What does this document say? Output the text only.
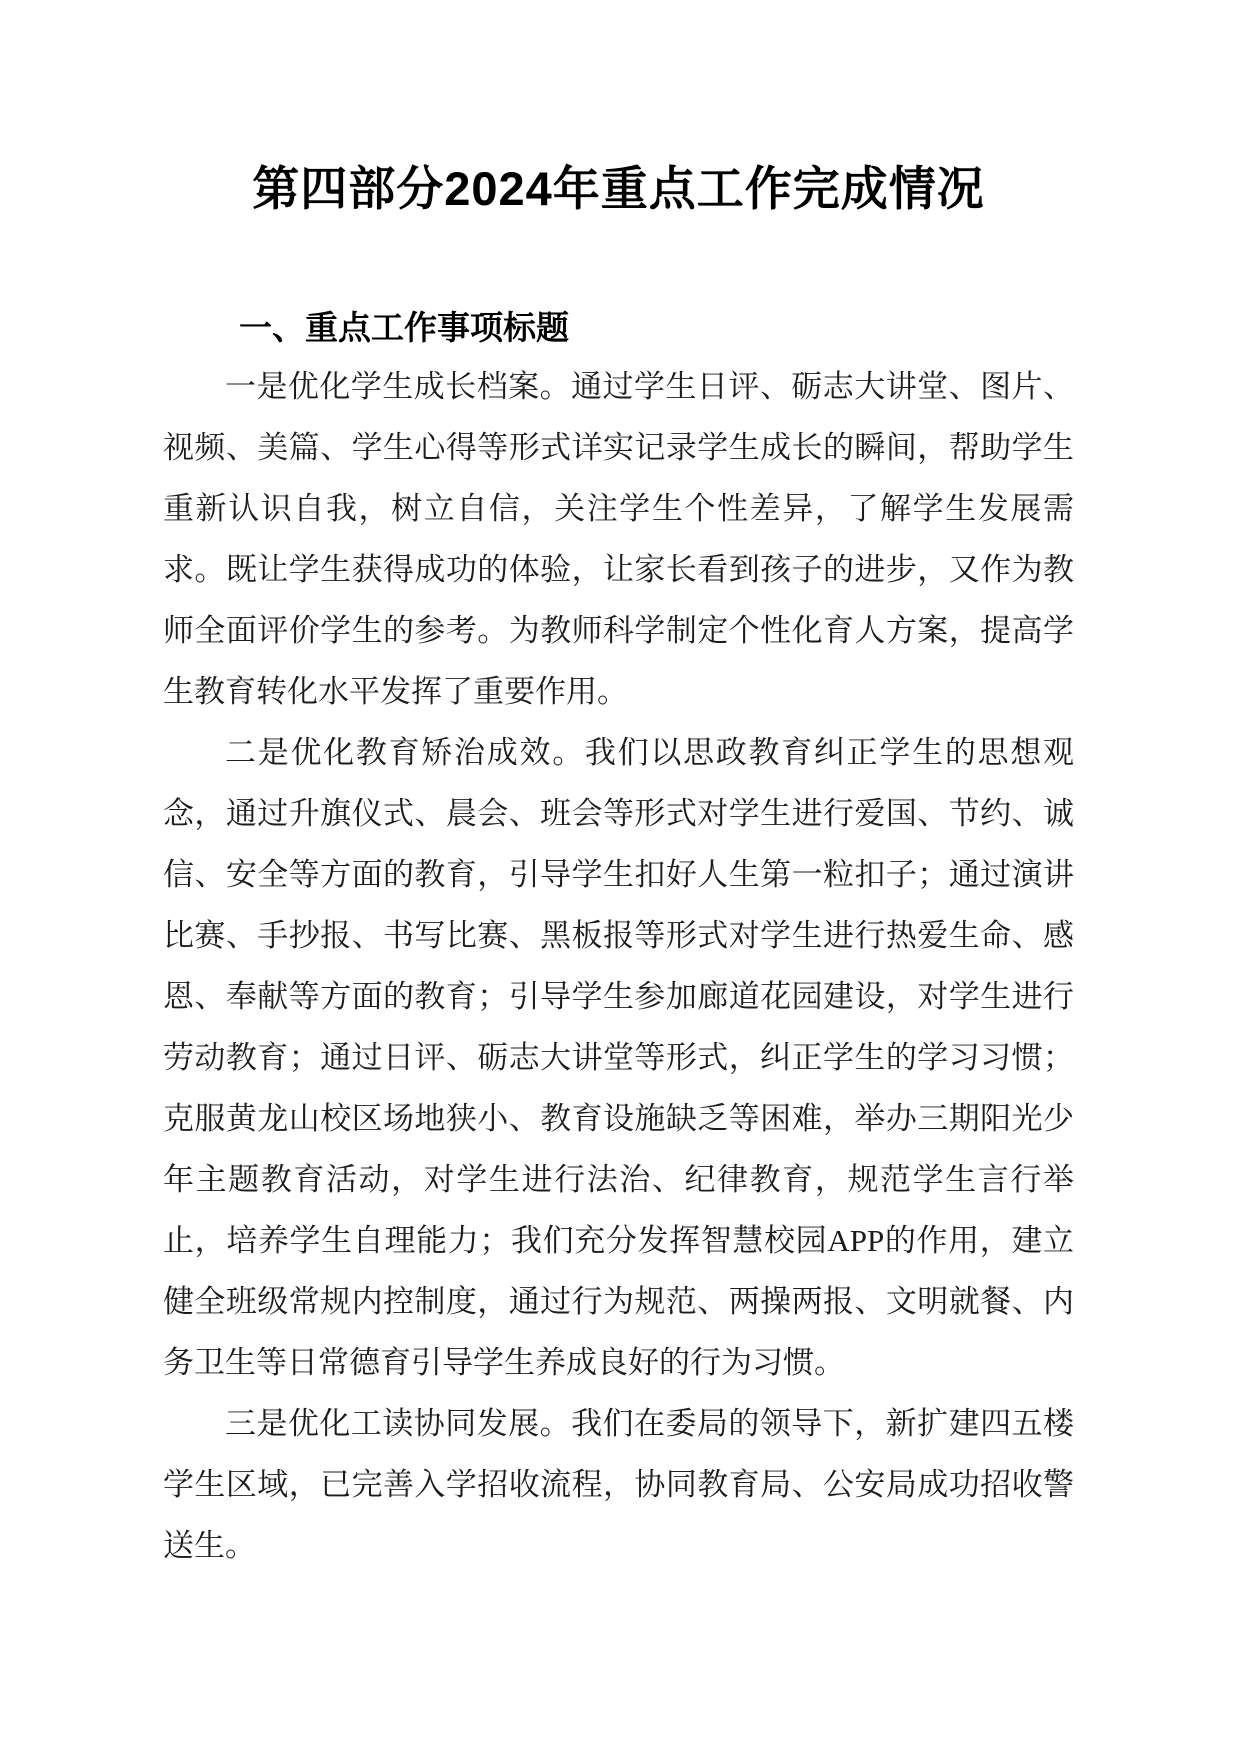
第四部分2024年重点工作完成情况
一、重点工作事项标题

一是优化学生成长档案。通过学生日评、砺志大讲堂、图片、视频、美篇、学生心得等形式详实记录学生成长的瞬间，帮助学生重新认识自我，树立自信，关注学生个性差异，了解学生发展需求。既让学生获得成功的体验，让家长看到孩子的进步，又作为教师全面评价学生的参考。为教师科学制定个性化育人方案，提高学生教育转化水平发挥了重要作用。

二是优化教育矫治成效。我们以思政教育纠正学生的思想观念，通过升旗仪式、晨会、班会等形式对学生进行爱国、节约、诚信、安全等方面的教育，引导学生扣好人生第一粒扣子；通过演讲比赛、手抄报、书写比赛、黑板报等形式对学生进行热爱生命、感恩、奉献等方面的教育；引导学生参加廊道花园建设，对学生进行劳动教育；通过日评、砺志大讲堂等形式，纠正学生的学习习惯；克服黄龙山校区场地狭小、教育设施缺乏等困难，举办三期阳光少年主题教育活动，对学生进行法治、纪律教育，规范学生言行举止，培养学生自理能力；我们充分发挥智慧校园APP的作用，建立健全班级常规内控制度，通过行为规范、两操两报、文明就餐、内务卫生等日常德育引导学生养成良好的行为习惯。

三是优化工读协同发展。我们在委局的领导下，新扩建四五楼学生区域，已完善入学招收流程，协同教育局、公安局成功招收警送生。
